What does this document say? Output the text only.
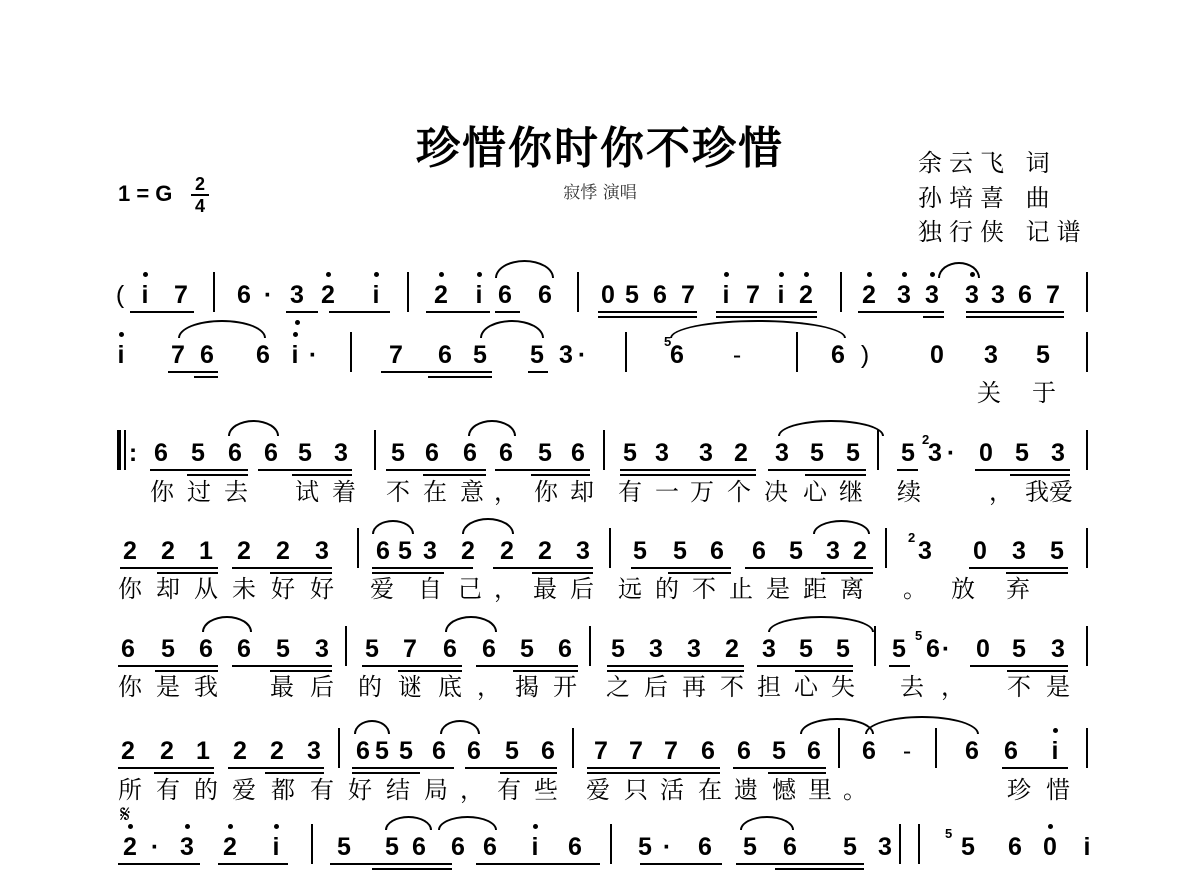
珍惜你时你不珍惜
寂悸 演唱
余云飞 词
孙培喜 曲
独行侠 记谱
1 = G	2
4
( i 7 6 · 3 2 i 2 i 6 6 0 5 6 7 i 7 i 2 2 3 3 3 3 6 7
i 7 6 6 i ·	7 6 5 5 3 ·	6 -	6 ) 0 3 5
6 5 6 6 5 3 5 6 6 6 5 6 5 3 3 2 3 5 5 5 3 · 0 5 3
2 2 1 2 2 3 6 5 3 2 2 2 3 5 5 6 6 5 3 2 3 0 3 5
6 5 6 6 5 3 5 7 6 6 5 6 5 3 3 2 3 5 5 5 6 · 0 5 3
2 2 1 2 2 3 6 5 5 6 6 5 6 7 7 7 6 6 5 6 6 - 6 6 i
2 · 3 2 i 5 5 6 6 6 i 6 5 · 6 5 6 5 3	5 6 0 i
:
5
2
2
5
5
关 于
你 过 去 试 着 不 在 意 ， 你 却 有 一 万 个 决 心 继 续	， 我 爱
你 却 从 未 好 好 爱 自 己 ， 最 后 远 的 不 止 是 距 离 。 放 弃
你 是 我 最 后 的 谜 底 ， 揭 开 之 后 再 不 担 心 失 去 ， 不 是
所 有 的 爱 都 有 好 结 局 ， 有 些 爱 只 活 在 遗 憾 里 。	珍 惜
𝄋
